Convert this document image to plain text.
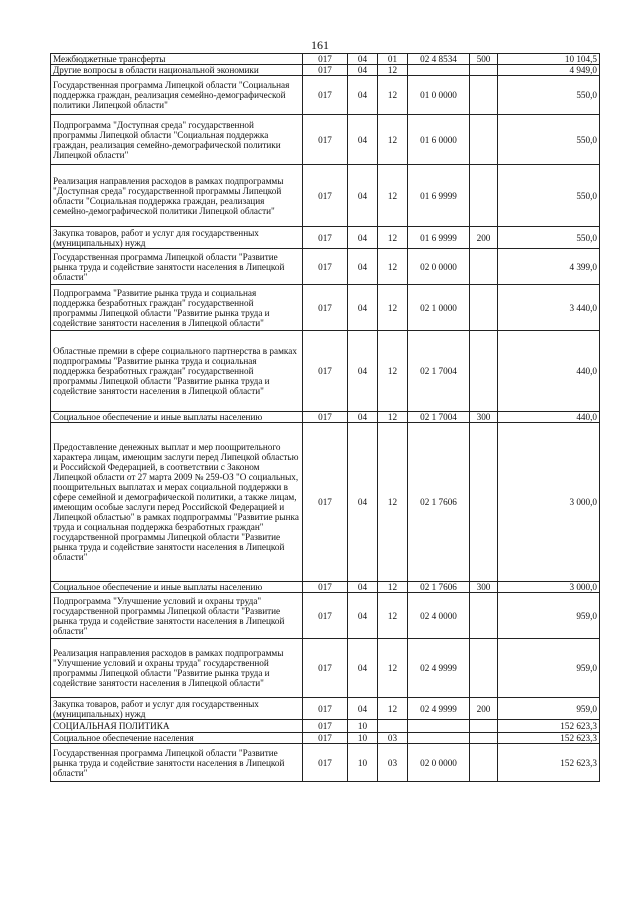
161
Межбюджетные трансферты	017	04	01	02 4 8534	500	10 104,5
Другие вопросы в области национальной экономики	017	04	12			4 949,0
Государственная программа Липецкой области "Социальная поддержка граждан, реализация семейно-демографической политики Липецкой области"	017	04	12	01 0 0000		550,0
Подпрограмма "Доступная среда" государственной программы Липецкой области "Социальная поддержка граждан, реализация семейно-демографической политики Липецкой области"	017	04	12	01 6 0000		550,0
Реализация направления расходов в рамках подпрограммы "Доступная среда" государственной программы Липецкой области "Социальная поддержка граждан, реализация семейно-демографической политики Липецкой области"	017	04	12	01 6 9999		550,0
Закупка товаров, работ и услуг для государственных (муниципальных) нужд	017	04	12	01 6 9999	200	550,0
Государственная программа Липецкой области "Развитие рынка труда и содействие занятости населения в Липецкой области"	017	04	12	02 0 0000		4 399,0
Подпрограмма "Развитие рынка труда и социальная поддержка безработных граждан" государственной программы Липецкой области "Развитие рынка труда и содействие занятости населения в Липецкой области"	017	04	12	02 1 0000		3 440,0
Областные премии в сфере социального партнерства в рамках подпрограммы "Развитие рынка труда и социальная поддержка безработных граждан" государственной программы Липецкой области "Развитие рынка труда и содействие занятости населения в Липецкой области"	017	04	12	02 1 7004		440,0
Социальное обеспечение и иные выплаты населению	017	04	12	02 1 7004	300	440,0
Предоставление денежных выплат и мер поощрительного характера лицам, имеющим заслуги перед Липецкой областью и Российской Федерацией, в соответствии с Законом Липецкой области от 27 марта 2009 № 259-ОЗ "О социальных, поощрительных выплатах и мерах социальной поддержки в сфере семейной и демографической политики, а также лицам, имеющим особые заслуги перед Российской Федерацией и Липецкой областью" в рамках подпрограммы "Развитие рынка труда и социальная поддержка безработных граждан" государственной программы Липецкой области "Развитие рынка труда и содействие занятости населения в Липецкой области"	017	04	12	02 1 7606		3 000,0
Социальное обеспечение и иные выплаты населению	017	04	12	02 1 7606	300	3 000,0
Подпрограмма "Улучшение условий и охраны труда" государственной программы Липецкой области "Развитие рынка труда и содействие занятости населения в Липецкой области"	017	04	12	02 4 0000		959,0
Реализация направления расходов в рамках подпрограммы "Улучшение условий и охраны труда" государственной программы Липецкой области "Развитие рынка труда и содействие занятости населения в Липецкой области"	017	04	12	02 4 9999		959,0
Закупка товаров, работ и услуг для государственных (муниципальных) нужд	017	04	12	02 4 9999	200	959,0
СОЦИАЛЬНАЯ ПОЛИТИКА	017	10				152 623,3
Социальное обеспечение населения	017	10	03			152 623,3
Государственная программа Липецкой области "Развитие рынка труда и содействие занятости населения в Липецкой области"	017	10	03	02 0 0000		152 623,3
